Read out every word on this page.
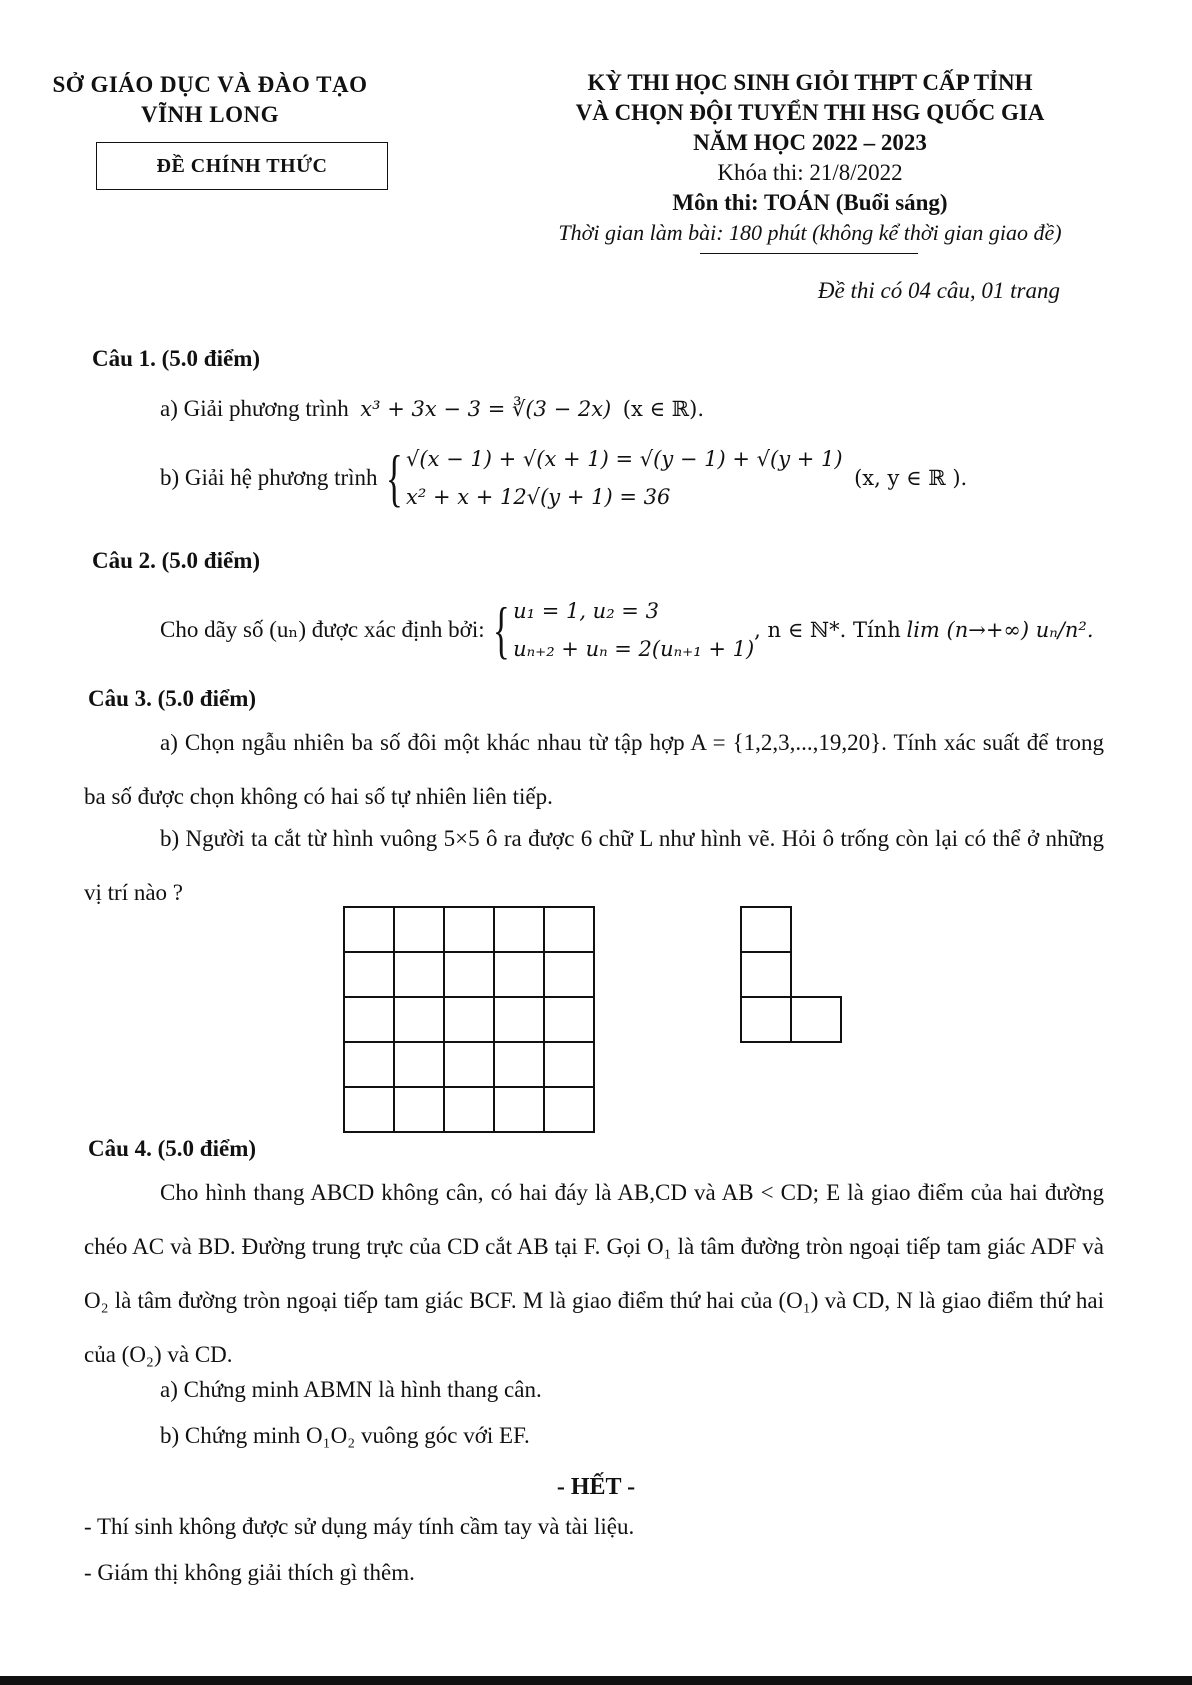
SỞ GIÁO DỤC VÀ ĐÀO TẠO
VĨNH LONG
ĐỀ CHÍNH THỨC
KỲ THI HỌC SINH GIỎI THPT CẤP TỈNH
VÀ CHỌN ĐỘI TUYỂN THI HSG QUỐC GIA
NĂM HỌC 2022 – 2023
Khóa thi: 21/8/2022
Môn thi: TOÁN (Buổi sáng)
Thời gian làm bài: 180 phút (không kể thời gian giao đề)
Đề thi có 04 câu, 01 trang
Câu 1. (5.0 điểm)
a) Giải phương trình x³ + 3x − 3 = ∛(3 − 2x) (x ∈ ℝ).
b) Giải hệ phương trình
{ √(x − 1) + √(x + 1) = √(y − 1) + √(y + 1)
x² + x + 12√(y + 1) = 36

(x, y ∈ ℝ ).
Câu 2. (5.0 điểm)
Cho dãy số (uₙ) được xác định bởi:
{ u₁ = 1, u₂ = 3
uₙ₊₂ + uₙ = 2(uₙ₊₁ + 1)
, n ∈ ℕ*. Tính
lim (n→+∞) uₙ/n².
Câu 3. (5.0 điểm)
a) Chọn ngẫu nhiên ba số đôi một khác nhau từ tập hợp A = {1,2,3,...,19,20}. Tính xác suất để trong ba số được chọn không có hai số tự nhiên liên tiếp.
b) Người ta cắt từ hình vuông 5×5 ô ra được 6 chữ L như hình vẽ. Hỏi ô trống còn lại có thể ở những vị trí nào ?
Câu 4. (5.0 điểm)
Cho hình thang ABCD không cân, có hai đáy là AB,CD và AB < CD; E là giao điểm của hai đường chéo AC và BD. Đường trung trực của CD cắt AB tại F. Gọi O₁ là tâm đường tròn ngoại tiếp tam giác ADF và O₂ là tâm đường tròn ngoại tiếp tam giác BCF. M là giao điểm thứ hai của (O₁) và CD, N là giao điểm thứ hai của (O₂) và CD.
a) Chứng minh ABMN là hình thang cân.
b) Chứng minh O₁O₂ vuông góc với EF.
- HẾT -
- Thí sinh không được sử dụng máy tính cầm tay và tài liệu.
- Giám thị không giải thích gì thêm.
